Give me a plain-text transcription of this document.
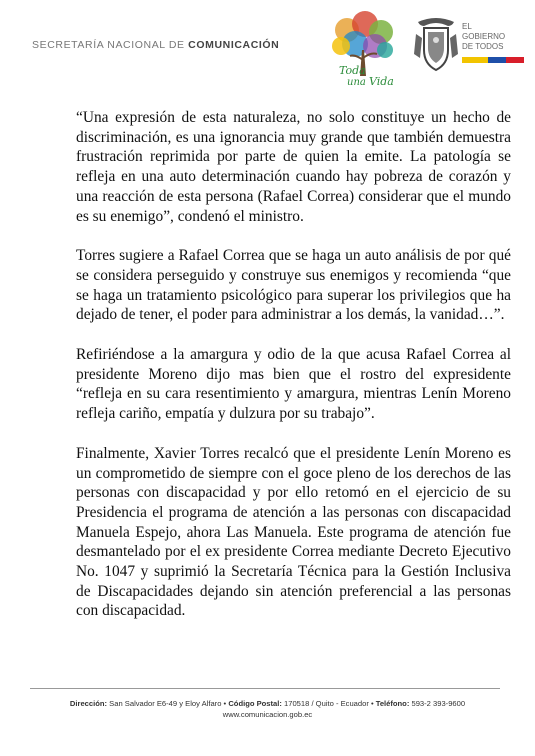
SECRETARÍA NACIONAL DE COMUNICACIÓN
Toda
una Vida
EL
GOBIERNO
DE TODOS

“Una expresión de esta naturaleza, no solo constituye un hecho de discriminación, es una ignorancia muy grande que también demuestra frustración reprimida por parte de quien la emite. La patología se refleja en una auto determinación cuando hay pobreza de corazón y una reacción de esta persona (Rafael Correa) considerar que el mundo es su enemigo”, condenó el ministro.

Torres sugiere a Rafael Correa que se haga un auto análisis de por qué se considera perseguido y construye sus enemigos y recomienda “que se haga un tratamiento psicológico para superar los privilegios que ha dejado de tener, el poder para administrar a los demás, la vanidad…”.

Refiriéndose a la amargura y odio de la que acusa Rafael Correa al presidente Moreno dijo mas bien que el rostro del expresidente “refleja en su cara resentimiento y amargura, mientras Lenín Moreno refleja cariño, empatía y dulzura por su trabajo”.

Finalmente, Xavier Torres recalcó que el presidente Lenín Moreno es un comprometido de siempre con el goce pleno de los derechos de las personas con discapacidad y por ello retomó en el ejercicio de su Presidencia el programa de atención a las personas con discapacidad Manuela Espejo, ahora Las Manuela. Este programa de atención fue desmantelado por el ex presidente Correa mediante Decreto Ejecutivo No. 1047 y suprimió la Secretaría Técnica para la Gestión Inclusiva de Discapacidades dejando sin atención preferencial a las personas con discapacidad.

Dirección: San Salvador E6-49 y Eloy Alfaro • Código Postal: 170518 / Quito - Ecuador • Teléfono: 593-2 393-9600
www.comunicacion.gob.ec
